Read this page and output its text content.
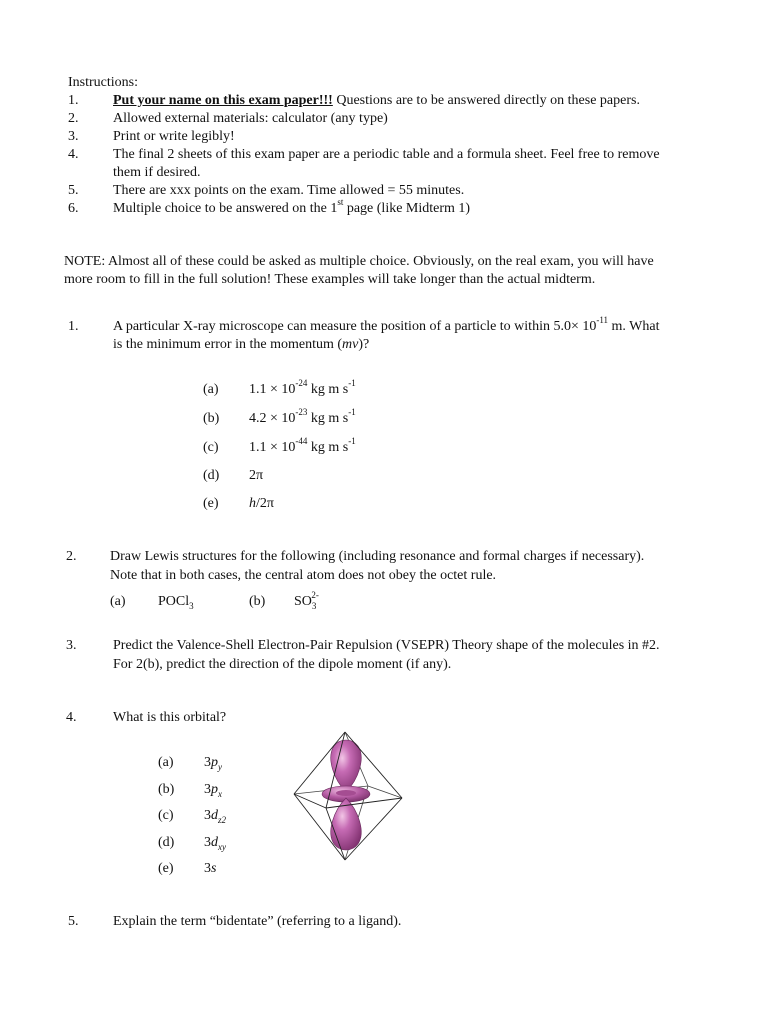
Instructions:
1. Put your name on this exam paper!!! Questions are to be answered directly on these papers.
2. Allowed external materials: calculator (any type)
3. Print or write legibly!
4. The final 2 sheets of this exam paper are a periodic table and a formula sheet. Feel free to remove
them if desired.
5. There are xxx points on the exam. Time allowed = 55 minutes.
6. Multiple choice to be answered on the 1st page (like Midterm 1)
NOTE: Almost all of these could be asked as multiple choice. Obviously, on the real exam, you will have
more room to fill in the full solution! These examples will take longer than the actual midterm.
1. A particular X-ray microscope can measure the position of a particle to within $5.0\times 10^{-11}$ m. What
is the minimum error in the momentum (mv)?
(a)	$1.1 \times 10^{-24}$ kg m $s^{-1}$
(b)	$4.2 \times 10^{-23}$ kg m $s^{-1}$
(c)	$1.1 \times 10^{-44}$ kg m $s^{-1}$
(d)	2π
(e)	h/2π
2. Draw Lewis structures for the following (including resonance and formal charges if necessary).
Note that in both cases, the central atom does not obey the octet rule.
(a) POCl$_3$	(b) $SO_3^{2-}$
3.	Predict the Valence-Shell Electron-Pair Repulsion (VSEPR) Theory shape of the molecules in #2.
For 2(b), predict the direction of the dipole moment (if any).
4.	What is this orbital?
(a)	$3p_y$
(b)	$3p_x$
(c)	$3d_{z2}$
(d)	$3d_{xy}$
(e)	3s
5. Explain the term “bidentate” (referring to a ligand).
